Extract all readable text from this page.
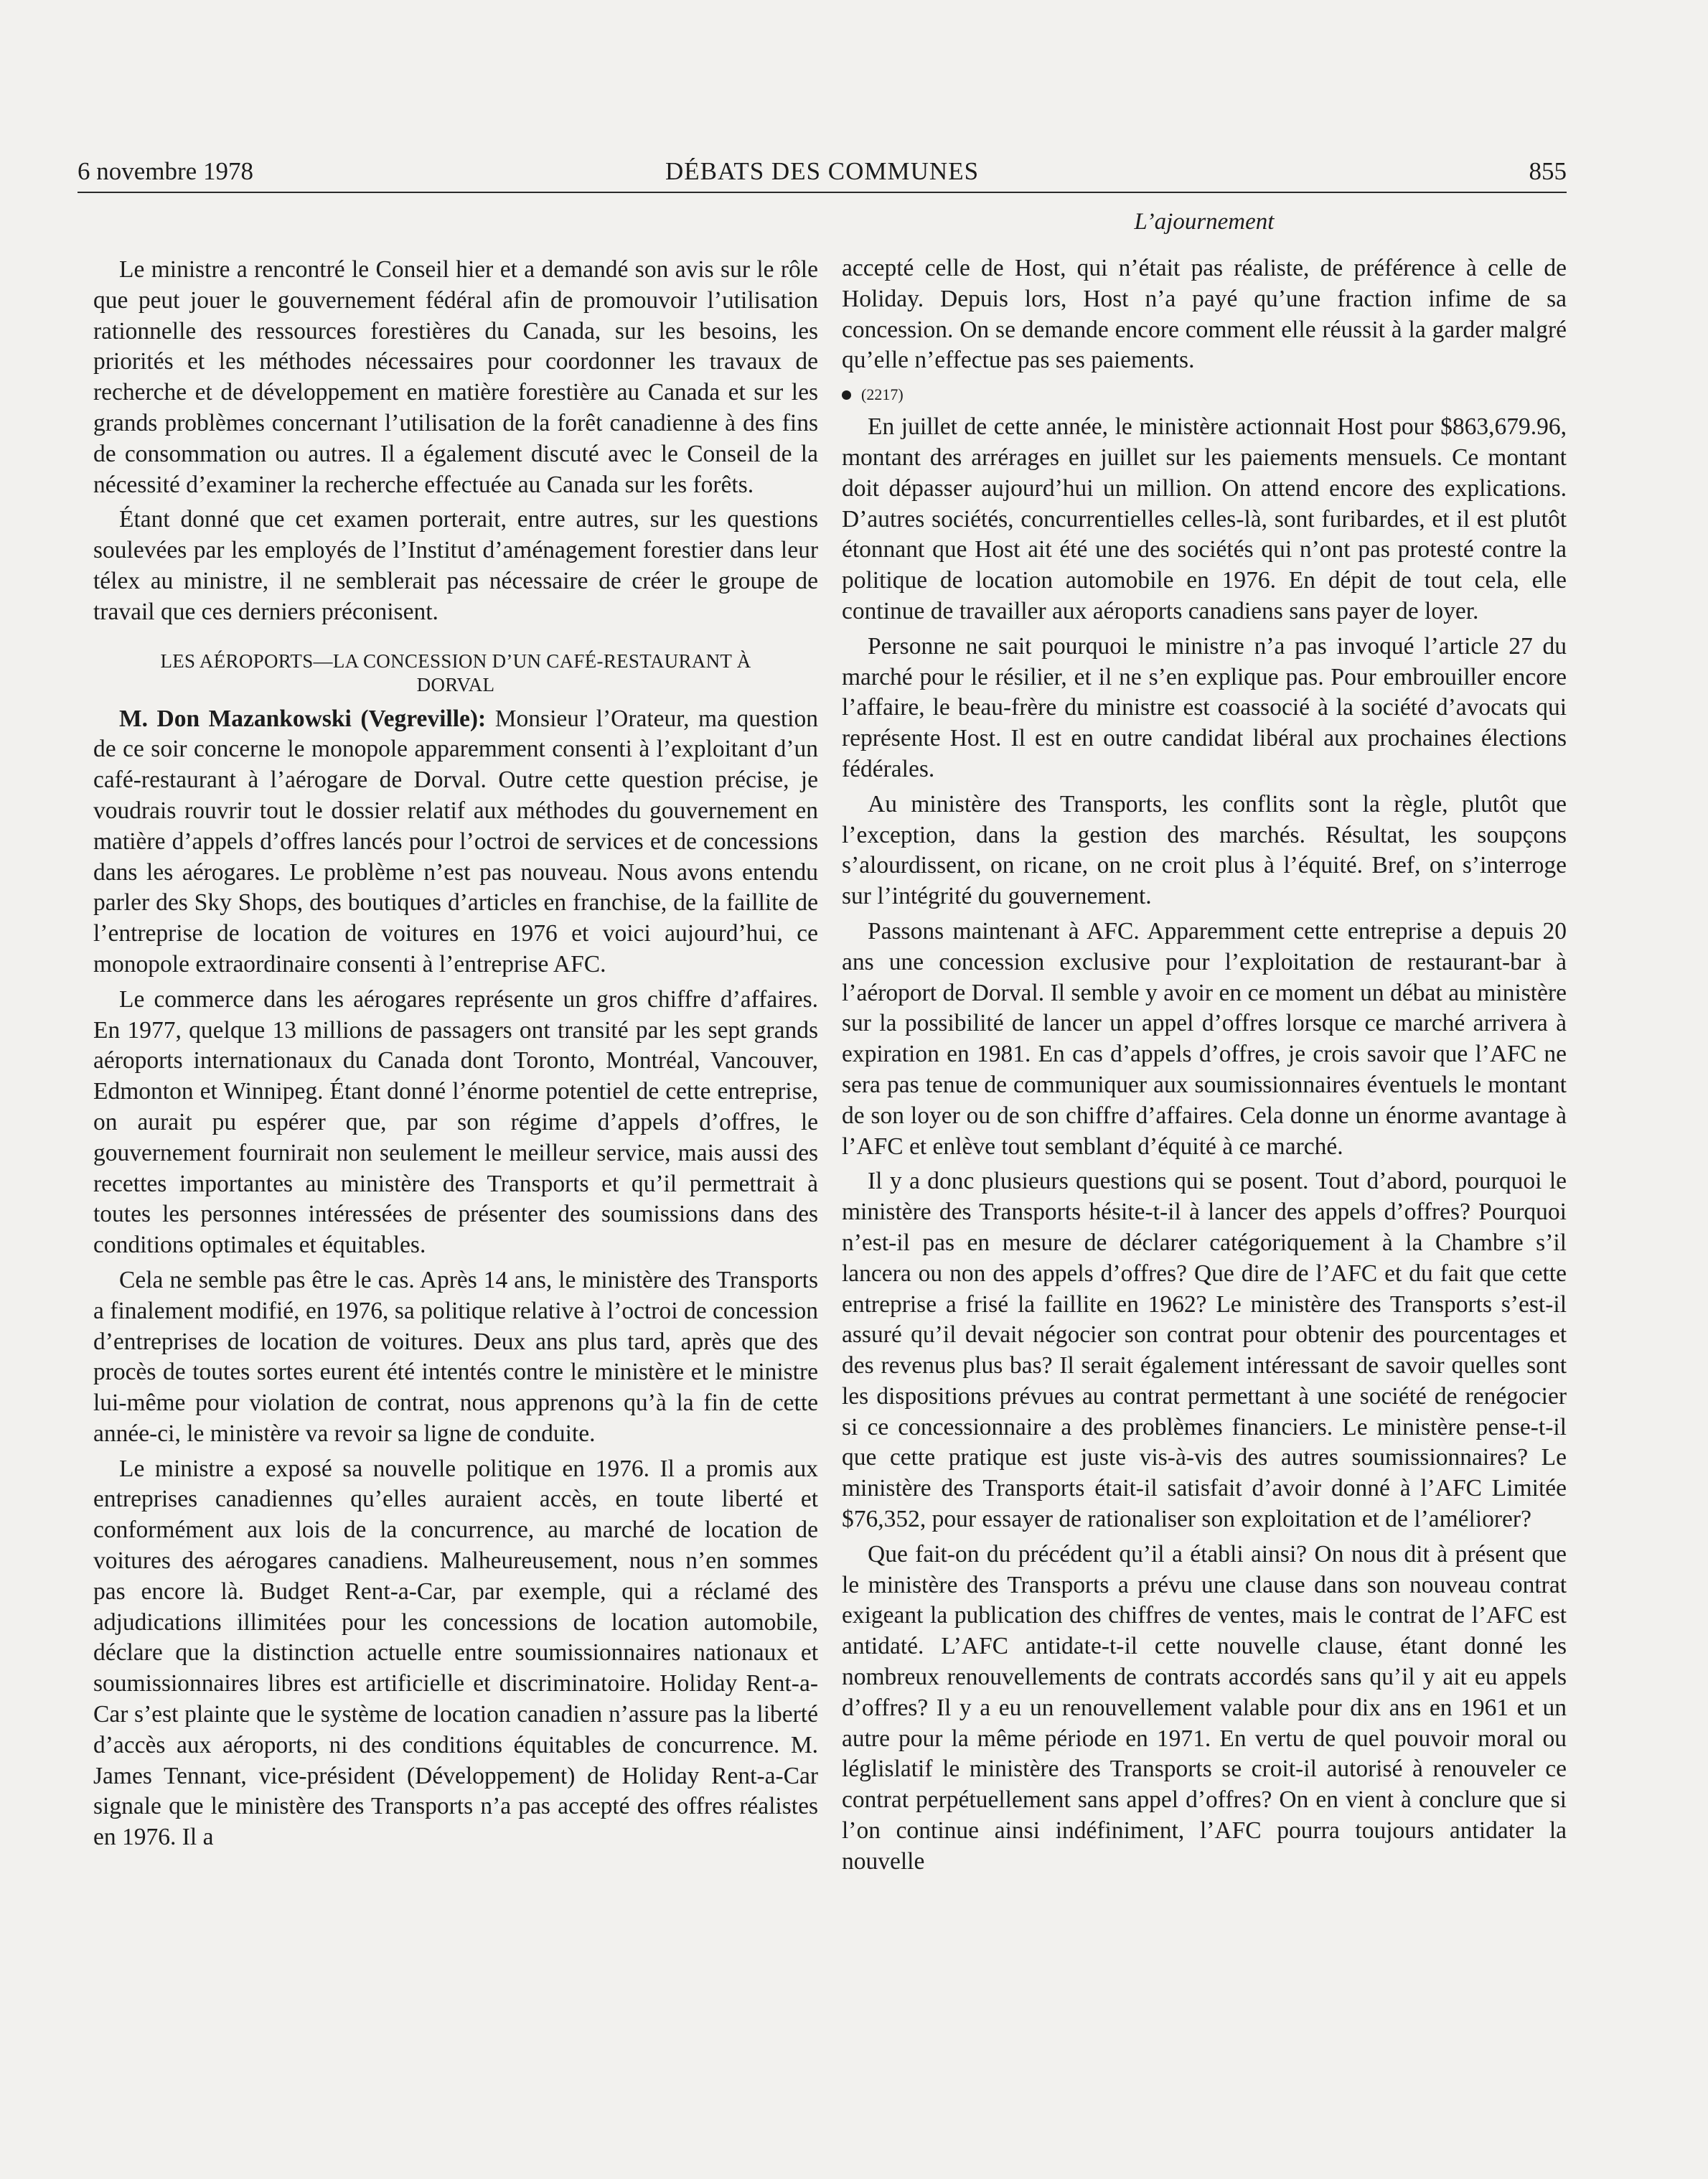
6 novembre 1978	DÉBATS DES COMMUNES	855
L’ajournement

Le ministre a rencontré le Conseil hier et a demandé son avis sur le rôle que peut jouer le gouvernement fédéral afin de promouvoir l’utilisation rationnelle des ressources forestières du Canada, sur les besoins, les priorités et les méthodes nécessaires pour coordonner les travaux de recherche et de développement en matière forestière au Canada et sur les grands problèmes concernant l’utilisation de la forêt canadienne à des fins de consommation ou autres. Il a également discuté avec le Conseil de la nécessité d’examiner la recherche effectuée au Canada sur les forêts.

Étant donné que cet examen porterait, entre autres, sur les questions soulevées par les employés de l’Institut d’aménagement forestier dans leur télex au ministre, il ne semblerait pas nécessaire de créer le groupe de travail que ces derniers préconisent.

LES AÉROPORTS—LA CONCESSION D’UN CAFÉ-RESTAURANT À DORVAL

M. Don Mazankowski (Vegreville): Monsieur l’Orateur, ma question de ce soir concerne le monopole apparemment consenti à l’exploitant d’un café-restaurant à l’aérogare de Dorval. Outre cette question précise, je voudrais rouvrir tout le dossier relatif aux méthodes du gouvernement en matière d’appels d’offres lancés pour l’octroi de services et de concessions dans les aérogares. Le problème n’est pas nouveau. Nous avons entendu parler des Sky Shops, des boutiques d’articles en franchise, de la faillite de l’entreprise de location de voitures en 1976 et voici aujourd’hui, ce monopole extraordinaire consenti à l’entreprise AFC.

Le commerce dans les aérogares représente un gros chiffre d’affaires. En 1977, quelque 13 millions de passagers ont transité par les sept grands aéroports internationaux du Canada dont Toronto, Montréal, Vancouver, Edmonton et Winnipeg. Étant donné l’énorme potentiel de cette entreprise, on aurait pu espérer que, par son régime d’appels d’offres, le gouvernement fournirait non seulement le meilleur service, mais aussi des recettes importantes au ministère des Transports et qu’il permettrait à toutes les personnes intéressées de présenter des soumissions dans des conditions optimales et équitables.

Cela ne semble pas être le cas. Après 14 ans, le ministère des Transports a finalement modifié, en 1976, sa politique relative à l’octroi de concession d’entreprises de location de voitures. Deux ans plus tard, après que des procès de toutes sortes eurent été intentés contre le ministère et le ministre lui-même pour violation de contrat, nous apprenons qu’à la fin de cette année-ci, le ministère va revoir sa ligne de conduite.

Le ministre a exposé sa nouvelle politique en 1976. Il a promis aux entreprises canadiennes qu’elles auraient accès, en toute liberté et conformément aux lois de la concurrence, au marché de location de voitures des aérogares canadiens. Malheureusement, nous n’en sommes pas encore là. Budget Rent-a-Car, par exemple, qui a réclamé des adjudications illimitées pour les concessions de location automobile, déclare que la distinction actuelle entre soumissionnaires nationaux et soumissionnaires libres est artificielle et discriminatoire. Holiday Rent-a-Car s’est plainte que le système de location canadien n’assure pas la liberté d’accès aux aéroports, ni des conditions équitables de concurrence. M. James Tennant, vice-président (Développement) de Holiday Rent-a-Car signale que le ministère des Transports n’a pas accepté des offres réalistes en 1976. Il a

accepté celle de Host, qui n’était pas réaliste, de préférence à celle de Holiday. Depuis lors, Host n’a payé qu’une fraction infime de sa concession. On se demande encore comment elle réussit à la garder malgré qu’elle n’effectue pas ses paiements.

(2217)

En juillet de cette année, le ministère actionnait Host pour $863,679.96, montant des arrérages en juillet sur les paiements mensuels. Ce montant doit dépasser aujourd’hui un million. On attend encore des explications. D’autres sociétés, concurrentielles celles-là, sont furibardes, et il est plutôt étonnant que Host ait été une des sociétés qui n’ont pas protesté contre la politique de location automobile en 1976. En dépit de tout cela, elle continue de travailler aux aéroports canadiens sans payer de loyer.

Personne ne sait pourquoi le ministre n’a pas invoqué l’article 27 du marché pour le résilier, et il ne s’en explique pas. Pour embrouiller encore l’affaire, le beau-frère du ministre est coassocié à la société d’avocats qui représente Host. Il est en outre candidat libéral aux prochaines élections fédérales.

Au ministère des Transports, les conflits sont la règle, plutôt que l’exception, dans la gestion des marchés. Résultat, les soupçons s’alourdissent, on ricane, on ne croit plus à l’équité. Bref, on s’interroge sur l’intégrité du gouvernement.

Passons maintenant à AFC. Apparemment cette entreprise a depuis 20 ans une concession exclusive pour l’exploitation de restaurant-bar à l’aéroport de Dorval. Il semble y avoir en ce moment un débat au ministère sur la possibilité de lancer un appel d’offres lorsque ce marché arrivera à expiration en 1981. En cas d’appels d’offres, je crois savoir que l’AFC ne sera pas tenue de communiquer aux soumissionnaires éventuels le montant de son loyer ou de son chiffre d’affaires. Cela donne un énorme avantage à l’AFC et enlève tout semblant d’équité à ce marché.

Il y a donc plusieurs questions qui se posent. Tout d’abord, pourquoi le ministère des Transports hésite-t-il à lancer des appels d’offres? Pourquoi n’est-il pas en mesure de déclarer catégoriquement à la Chambre s’il lancera ou non des appels d’offres? Que dire de l’AFC et du fait que cette entreprise a frisé la faillite en 1962? Le ministère des Transports s’est-il assuré qu’il devait négocier son contrat pour obtenir des pourcentages et des revenus plus bas? Il serait également intéressant de savoir quelles sont les dispositions prévues au contrat permettant à une société de renégocier si ce concessionnaire a des problèmes financiers. Le ministère pense-t-il que cette pratique est juste vis-à-vis des autres soumissionnaires? Le ministère des Transports était-il satisfait d’avoir donné à l’AFC Limitée $76,352, pour essayer de rationaliser son exploitation et de l’améliorer?

Que fait-on du précédent qu’il a établi ainsi? On nous dit à présent que le ministère des Transports a prévu une clause dans son nouveau contrat exigeant la publication des chiffres de ventes, mais le contrat de l’AFC est antidaté. L’AFC antidate-t-il cette nouvelle clause, étant donné les nombreux renouvellements de contrats accordés sans qu’il y ait eu appels d’offres? Il y a eu un renouvellement valable pour dix ans en 1961 et un autre pour la même période en 1971. En vertu de quel pouvoir moral ou léglislatif le ministère des Transports se croit-il autorisé à renouveler ce contrat perpétuellement sans appel d’offres? On en vient à conclure que si l’on continue ainsi indéfiniment, l’AFC pourra toujours antidater la nouvelle
